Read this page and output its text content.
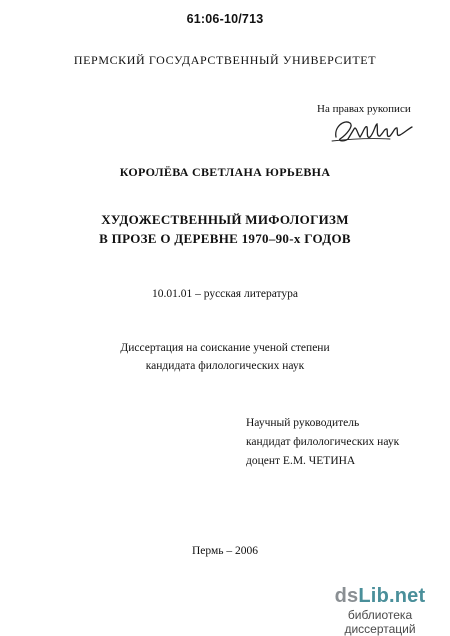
61:06-10/713
ПЕРМСКИЙ ГОСУДАРСТВЕННЫЙ УНИВЕРСИТЕТ
На правах рукописи
КОРОЛЁВА СВЕТЛАНА ЮРЬЕВНА
ХУДОЖЕСТВЕННЫЙ МИФОЛОГИЗМ
В ПРОЗЕ О ДЕРЕВНЕ 1970–90-х ГОДОВ
10.01.01 – русская литература
Диссертация на соискание ученой степени
кандидата филологических наук
Научный руководитель
кандидат филологических наук
доцент Е.М. ЧЕТИНА
Пермь – 2006
dsLib.net
библиотека диссертаций
